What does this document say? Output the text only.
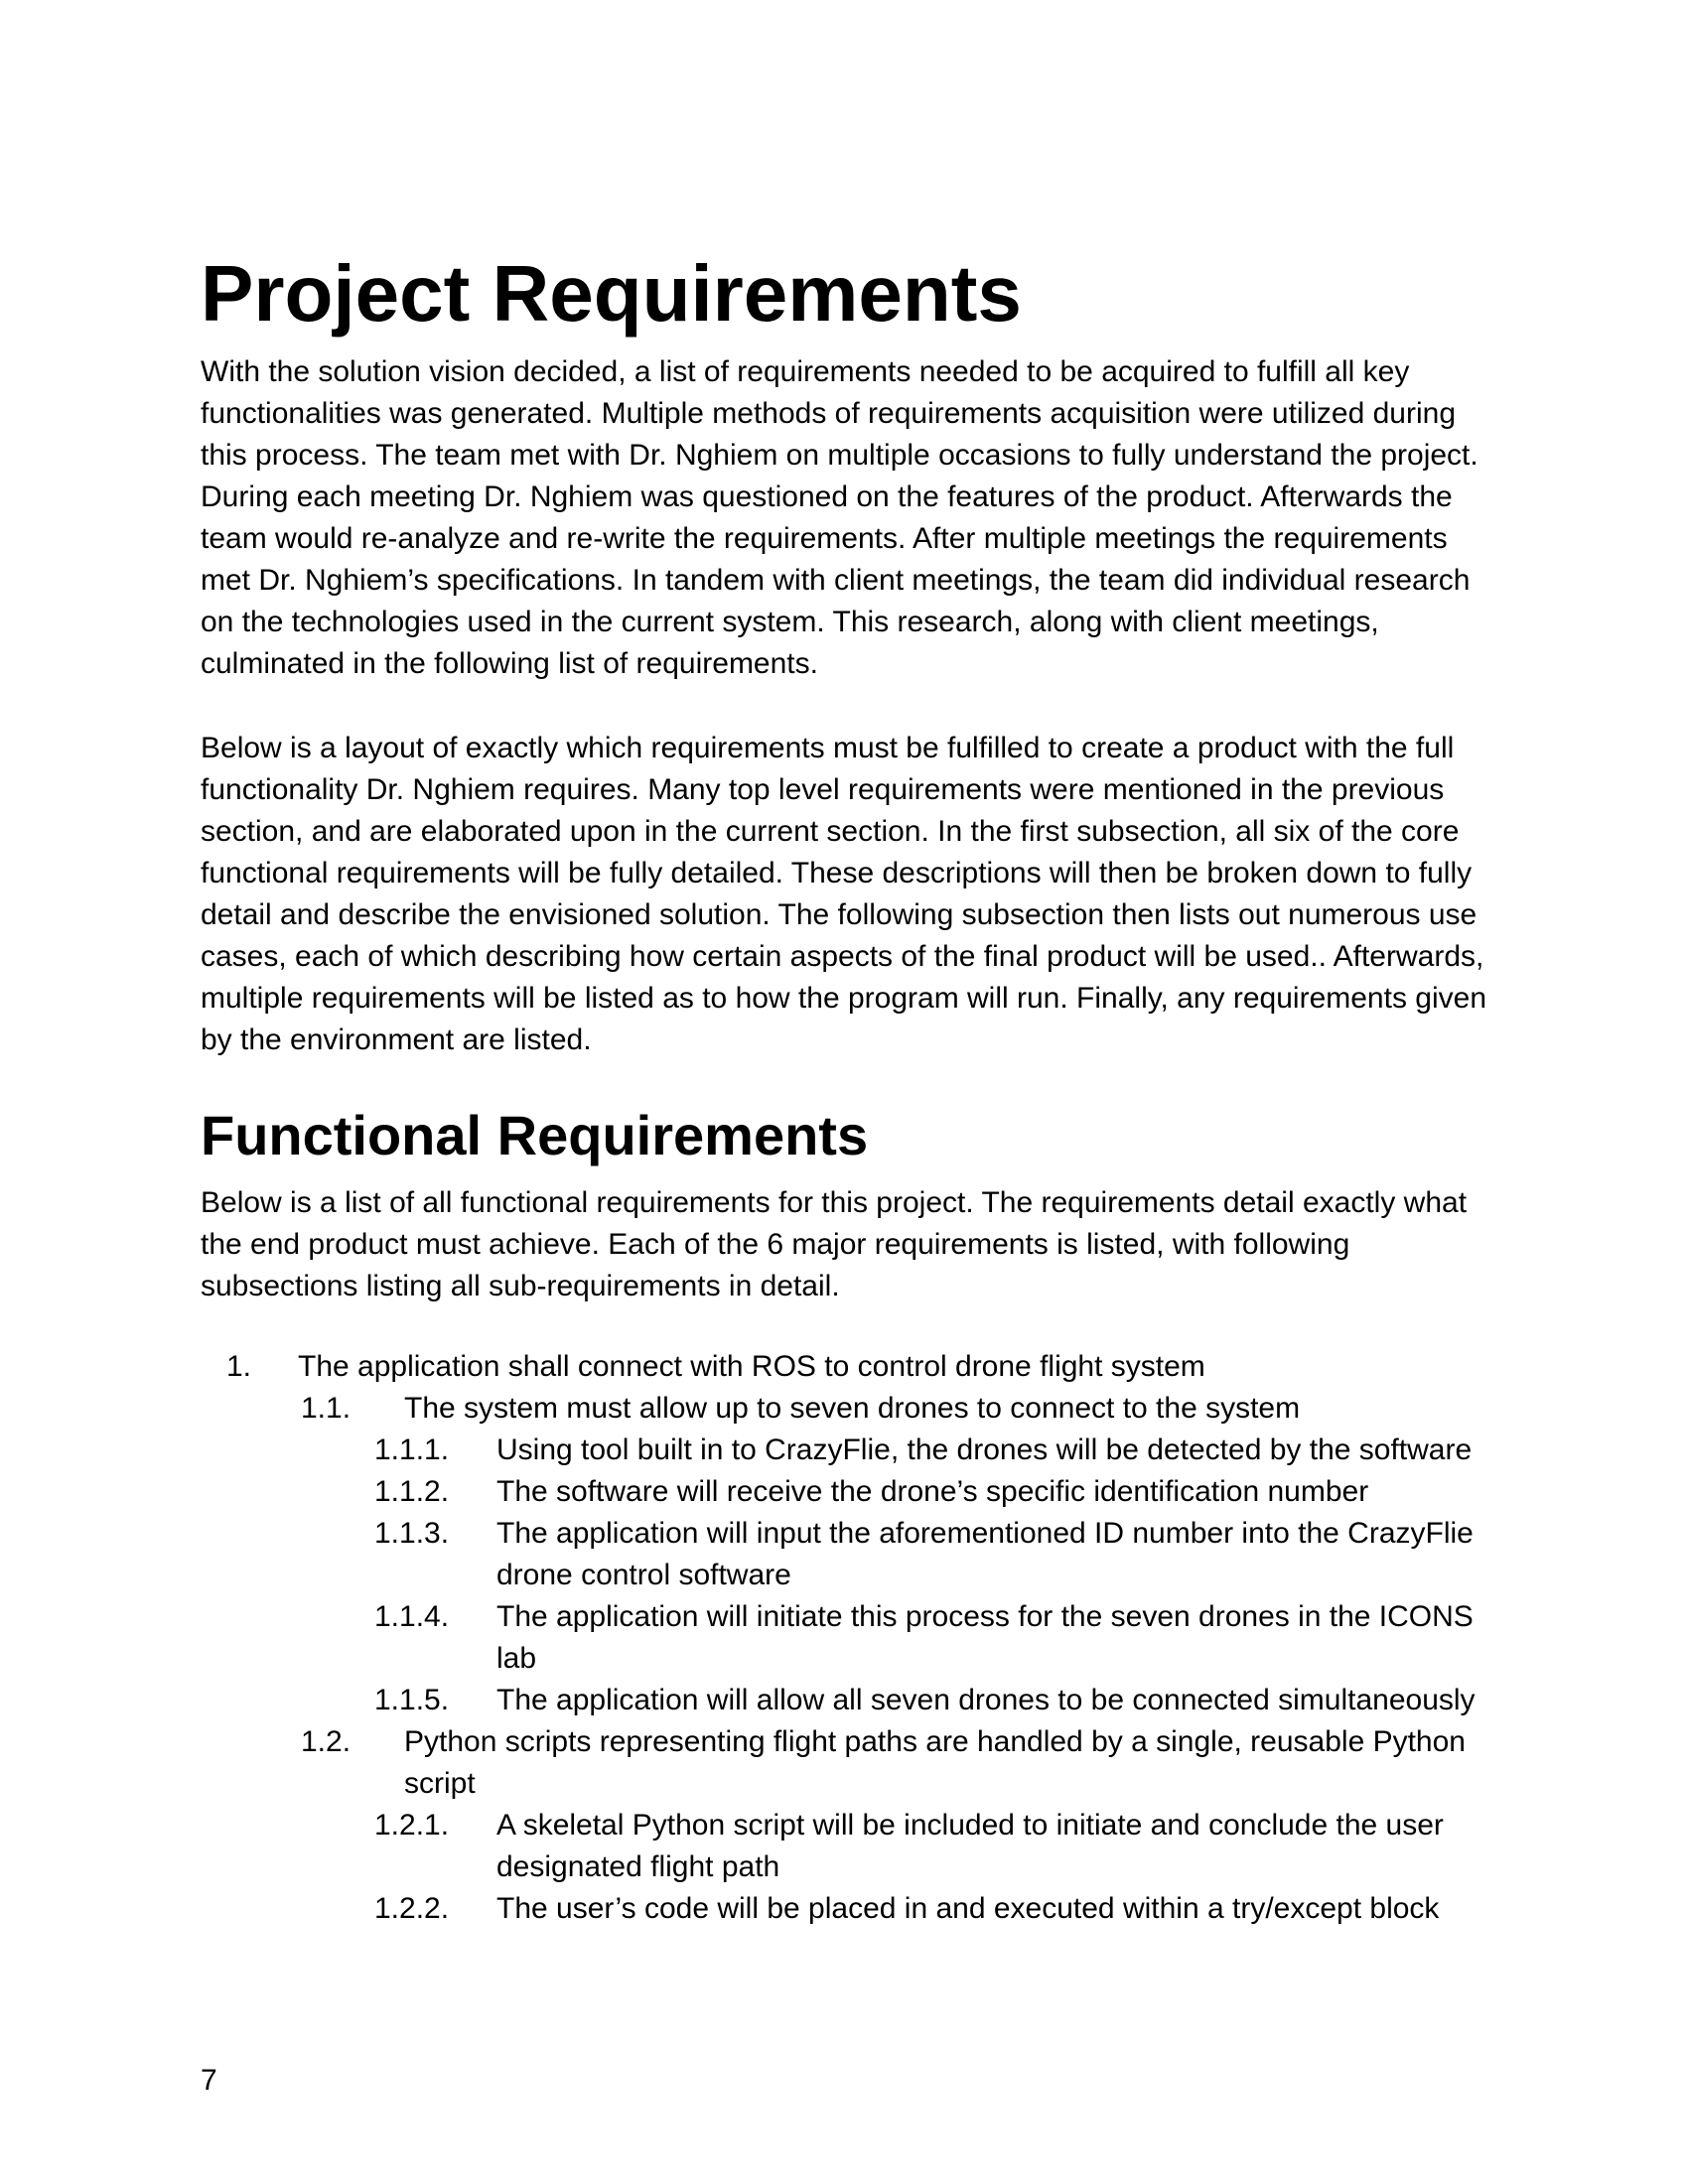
Project Requirements
With the solution vision decided, a list of requirements needed to be acquired to fulfill all key functionalities was generated. Multiple methods of requirements acquisition were utilized during this process. The team met with Dr. Nghiem on multiple occasions to fully understand the project. During each meeting Dr. Nghiem was questioned on the features of the product. Afterwards the team would re-analyze and re-write the requirements. After multiple meetings the requirements met Dr. Nghiem’s specifications. In tandem with client meetings, the team did individual research on the technologies used in the current system. This research, along with client meetings, culminated in the following list of requirements.
Below is a layout of exactly which requirements must be fulfilled to create a product with the full functionality Dr. Nghiem requires. Many top level requirements were mentioned in the previous section, and are elaborated upon in the current section. In the first subsection, all six of the core functional requirements will be fully detailed. These descriptions will then be broken down to fully detail and describe the envisioned solution. The following subsection then lists out numerous use cases, each of which describing how certain aspects of the final product will be used.. Afterwards, multiple requirements will be listed as to how the program will run. Finally, any requirements given by the environment are listed.
Functional Requirements
Below is a list of all functional requirements for this project. The requirements detail exactly what the end product must achieve. Each of the 6 major requirements is listed, with following subsections listing all sub-requirements in detail.
1. The application shall connect with ROS to control drone flight system
1.1. The system must allow up to seven drones to connect to the system
1.1.1. Using tool built in to CrazyFlie, the drones will be detected by the software
1.1.2. The software will receive the drone’s specific identification number
1.1.3. The application will input the aforementioned ID number into the CrazyFlie drone control software
1.1.4. The application will initiate this process for the seven drones in the ICONS lab
1.1.5. The application will allow all seven drones to be connected simultaneously
1.2. Python scripts representing flight paths are handled by a single, reusable Python script
1.2.1. A skeletal Python script will be included to initiate and conclude the user designated flight path
1.2.2. The user’s code will be placed in and executed within a try/except block
7
